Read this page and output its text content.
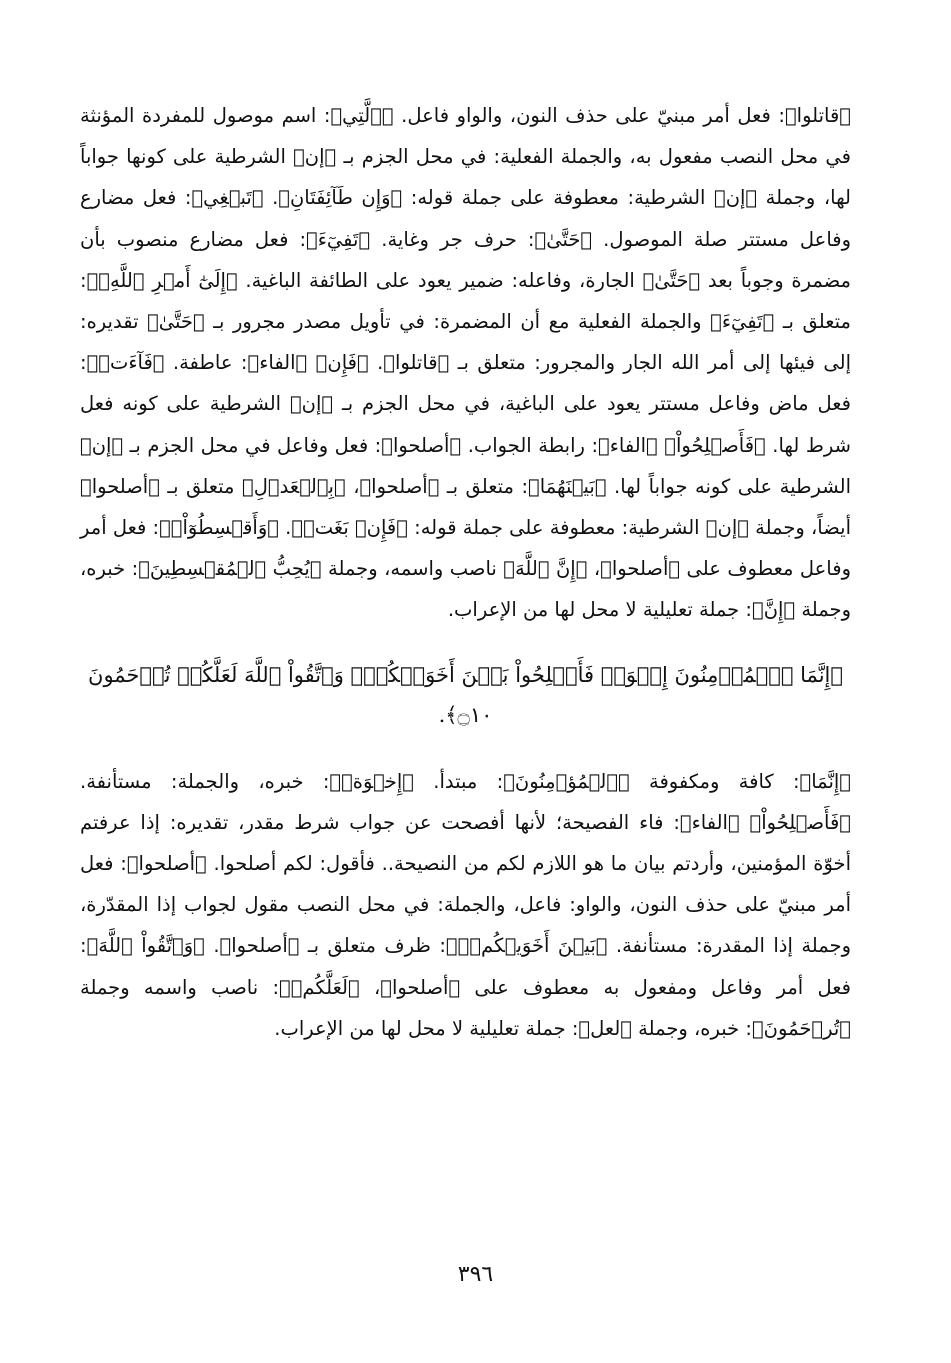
﴿قاتلوا﴾: فعل أمر مبنيّ على حذف النون، والواو فاعل. ﴿ٱلَّتِي﴾: اسم موصول للمفردة المؤنثة في محل النصب مفعول به، والجملة الفعلية: في محل الجزم بـ ﴿إن﴾ الشرطية على كونها جواباً لها، وجملة ﴿إن﴾ الشرطية: معطوفة على جملة قوله: ﴿وَإِن طَآئِفَتَانِ﴾. ﴿تَبۡغِي﴾: فعل مضارع وفاعل مستتر صلة الموصول. ﴿حَتَّىٰ﴾: حرف جر وغاية. ﴿تَفِيٓءَ﴾: فعل مضارع منصوب بأن مضمرة وجوباً بعد ﴿حَتَّىٰ﴾ الجارة، وفاعله: ضمير يعود على الطائفة الباغية. ﴿إِلَىٰٓ أَمۡرِ ٱللَّهِۚ﴾: متعلق بـ ﴿تَفِيٓءَ﴾ والجملة الفعلية مع أن المضمرة: في تأويل مصدر مجرور بـ ﴿حَتَّىٰ﴾ تقديره: إلى فيئها إلى أمر الله الجار والمجرور: متعلق بـ ﴿قاتلوا﴾. ﴿فَإِن﴾ ﴿الفاء﴾: عاطفة. ﴿فَآءَتۡ﴾: فعل ماض وفاعل مستتر يعود على الباغية، في محل الجزم بـ ﴿إن﴾ الشرطية على كونه فعل شرط لها. ﴿فَأَصۡلِحُواْ﴾ ﴿الفاء﴾: رابطة الجواب. ﴿أصلحوا﴾: فعل وفاعل في محل الجزم بـ ﴿إن﴾ الشرطية على كونه جواباً لها. ﴿بَيۡنَهُمَا﴾: متعلق بـ ﴿أصلحوا﴾، ﴿بِٱلۡعَدۡلِ﴾ متعلق بـ ﴿أصلحوا﴾ أيضاً، وجملة ﴿إن﴾ الشرطية: معطوفة على جملة قوله: ﴿فَإِنۢ بَغَتۡ﴾. ﴿وَأَقۡسِطُوٓاْۖ﴾: فعل أمر وفاعل معطوف على ﴿أصلحوا﴾، ﴿إِنَّ ٱللَّهَ﴾ ناصب واسمه، وجملة ﴿يُحِبُّ ٱلۡمُقۡسِطِينَ﴾: خبره، وجملة ﴿إِنَّ﴾: جملة تعليلية لا محل لها من الإعراب.

﴿إِنَّمَا ٱلۡمُؤۡمِنُونَ إِخۡوَةٞ فَأَصۡلِحُواْ بَيۡنَ أَخَوَيۡكُمۡۚ وَٱتَّقُواْ ٱللَّهَ لَعَلَّكُمۡ تُرۡحَمُونَ ۝١٠﴾.

﴿إِنَّمَا﴾: كافة ومكفوفة ﴿ٱلۡمُؤۡمِنُونَ﴾: مبتدأ. ﴿إِخۡوَةٞ﴾: خبره، والجملة: مستأنفة. ﴿فَأَصۡلِحُواْ﴾ ﴿الفاء﴾: فاء الفصيحة؛ لأنها أفصحت عن جواب شرط مقدر، تقديره: إذا عرفتم أخوّة المؤمنين، وأردتم بيان ما هو اللازم لكم من النصيحة.. فأقول: لكم أصلحوا. ﴿أصلحوا﴾: فعل أمر مبنيّ على حذف النون، والواو: فاعل، والجملة: في محل النصب مقول لجواب إذا المقدّرة، وجملة إذا المقدرة: مستأنفة. ﴿بَيۡنَ أَخَوَيۡكُمۡۚ﴾: ظرف متعلق بـ ﴿أصلحوا﴾. ﴿وَٱتَّقُواْ ٱللَّهَ﴾: فعل أمر وفاعل ومفعول به معطوف على ﴿أصلحوا﴾، ﴿لَعَلَّكُمۡ﴾: ناصب واسمه وجملة ﴿تُرۡحَمُونَ﴾: خبره، وجملة ﴿لعل﴾: جملة تعليلية لا محل لها من الإعراب.

٣٩٦
